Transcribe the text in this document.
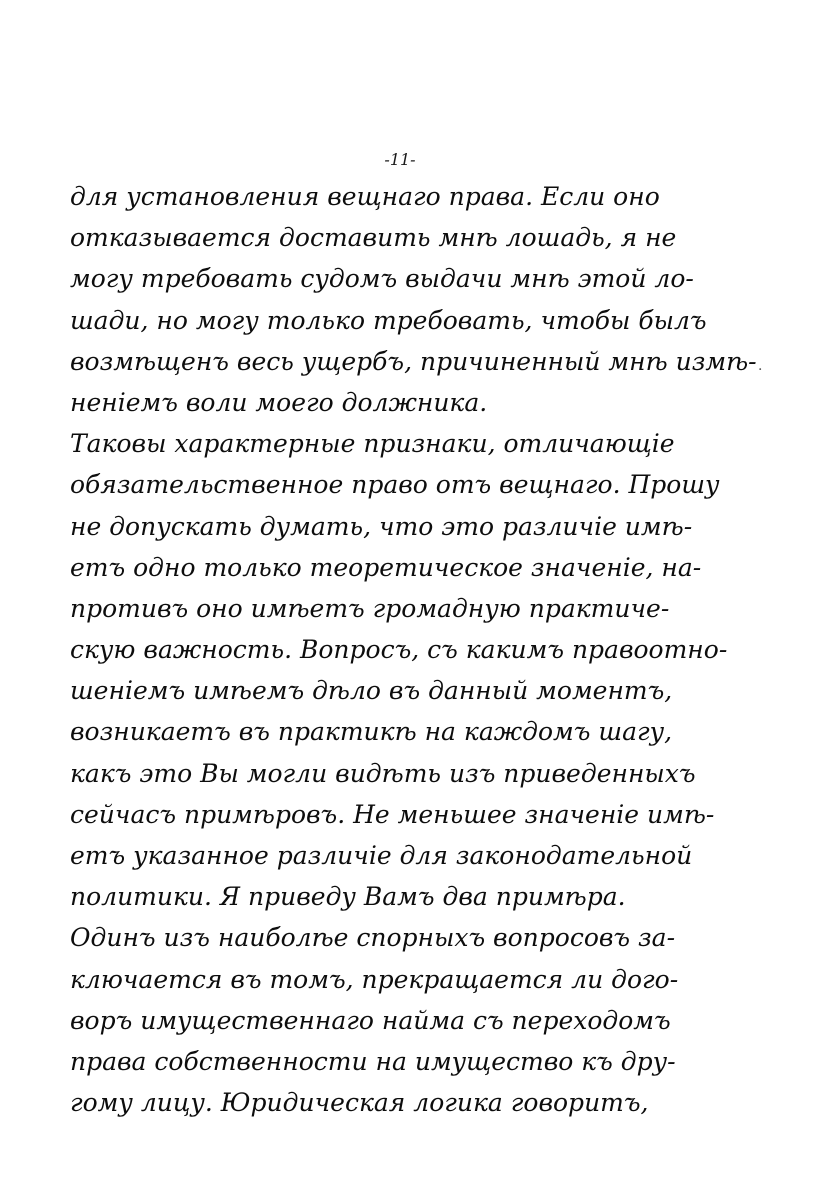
-11-
·
для установления вещнаго права. Если оно
отказывается доставить мнѣ лошадь, я не
могу требовать судомъ выдачи мнѣ этой ло-
шади, но могу только требовать, чтобы былъ
возмѣщенъ весь ущербъ, причиненный мнѣ измѣ-
неніемъ воли моего должника.
Таковы характерные признаки, отличающіе
обязательственное право отъ вещнаго. Прошу
не допускать думать, что это различіе имѣ-
етъ одно только теоретическое значеніе, на-
противъ оно имѣетъ громадную практиче-
скую важность. Вопросъ, съ какимъ правоотно-
шеніемъ имѣемъ дѣло въ данный моментъ,
возникаетъ въ практикѣ на каждомъ шагу,
какъ это Вы могли видѣть изъ приведенныхъ
сейчасъ примѣровъ. Не меньшее значеніе имѣ-
етъ указанное различіе для законодательной
политики. Я приведу Вамъ два примѣра.
Одинъ изъ наиболѣе спорныхъ вопросовъ за-
ключается въ томъ, прекращается ли дого-
воръ имущественнаго найма съ переходомъ
права собственности на имущество къ дру-
гому лицу. Юридическая логика говоритъ,
